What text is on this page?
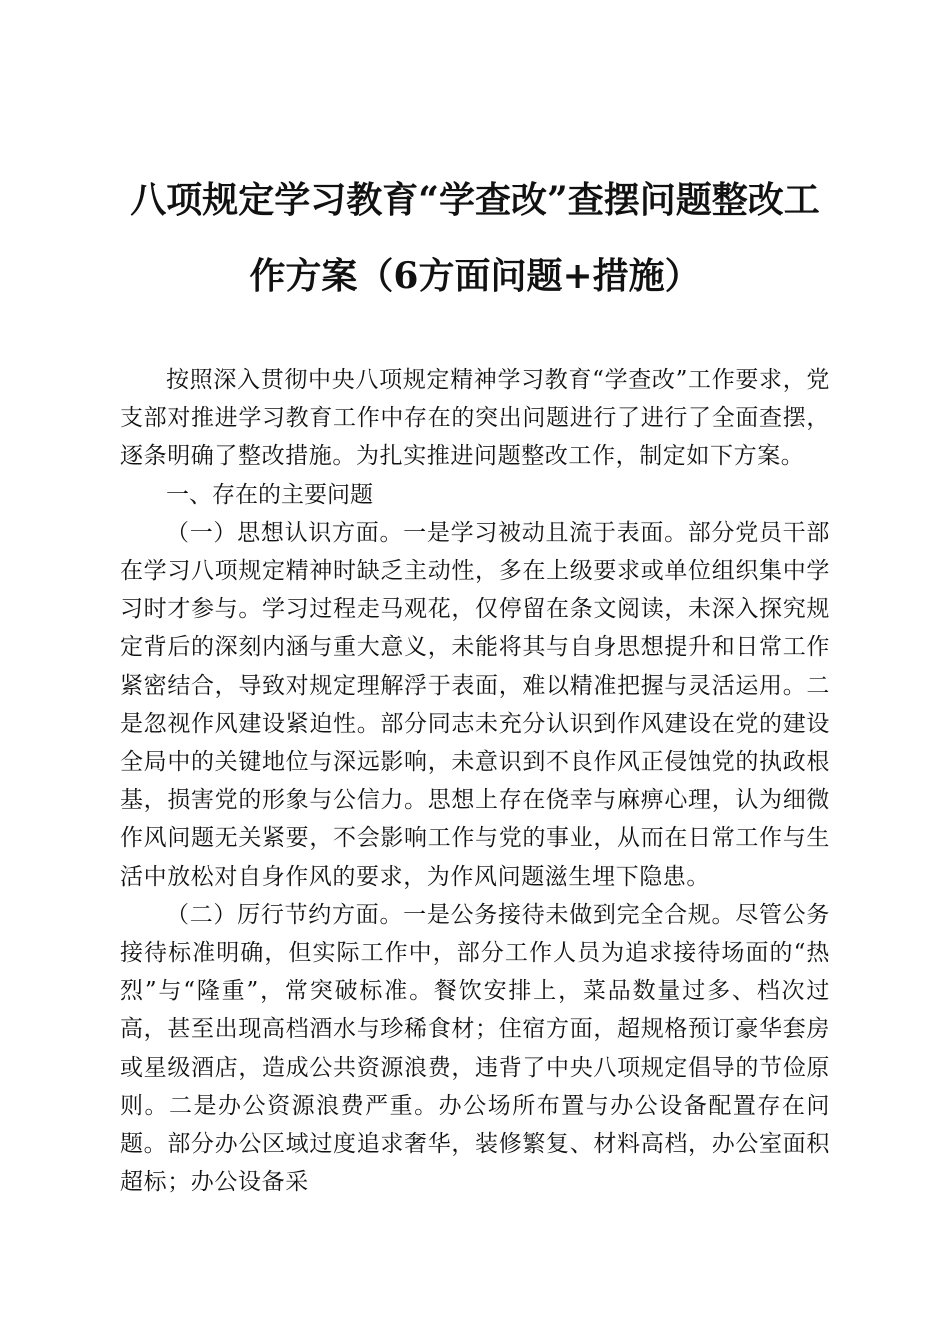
八项规定学习教育“学查改”查摆问题整改工
作方案（6方面问题+措施）

按照深入贯彻中央八项规定精神学习教育“学查改”工作要求，党支部对推进学习教育工作中存在的突出问题进行了进行了全面查摆，逐条明确了整改措施。为扎实推进问题整改工作，制定如下方案。

一、存在的主要问题

（一）思想认识方面。一是学习被动且流于表面。部分党员干部在学习八项规定精神时缺乏主动性，多在上级要求或单位组织集中学习时才参与。学习过程走马观花，仅停留在条文阅读，未深入探究规定背后的深刻内涵与重大意义，未能将其与自身思想提升和日常工作紧密结合，导致对规定理解浮于表面，难以精准把握与灵活运用。二是忽视作风建设紧迫性。部分同志未充分认识到作风建设在党的建设全局中的关键地位与深远影响，未意识到不良作风正侵蚀党的执政根基，损害党的形象与公信力。思想上存在侥幸与麻痹心理，认为细微作风问题无关紧要，不会影响工作与党的事业，从而在日常工作与生活中放松对自身作风的要求，为作风问题滋生埋下隐患。

（二）厉行节约方面。一是公务接待未做到完全合规。尽管公务接待标准明确，但实际工作中，部分工作人员为追求接待场面的“热烈”与“隆重”，常突破标准。餐饮安排上，菜品数量过多、档次过高，甚至出现高档酒水与珍稀食材；住宿方面，超规格预订豪华套房或星级酒店，造成公共资源浪费，违背了中央八项规定倡导的节俭原则。二是办公资源浪费严重。办公场所布置与办公设备配置存在问题。部分办公区域过度追求奢华，装修繁复、材料高档，办公室面积超标；办公设备采
